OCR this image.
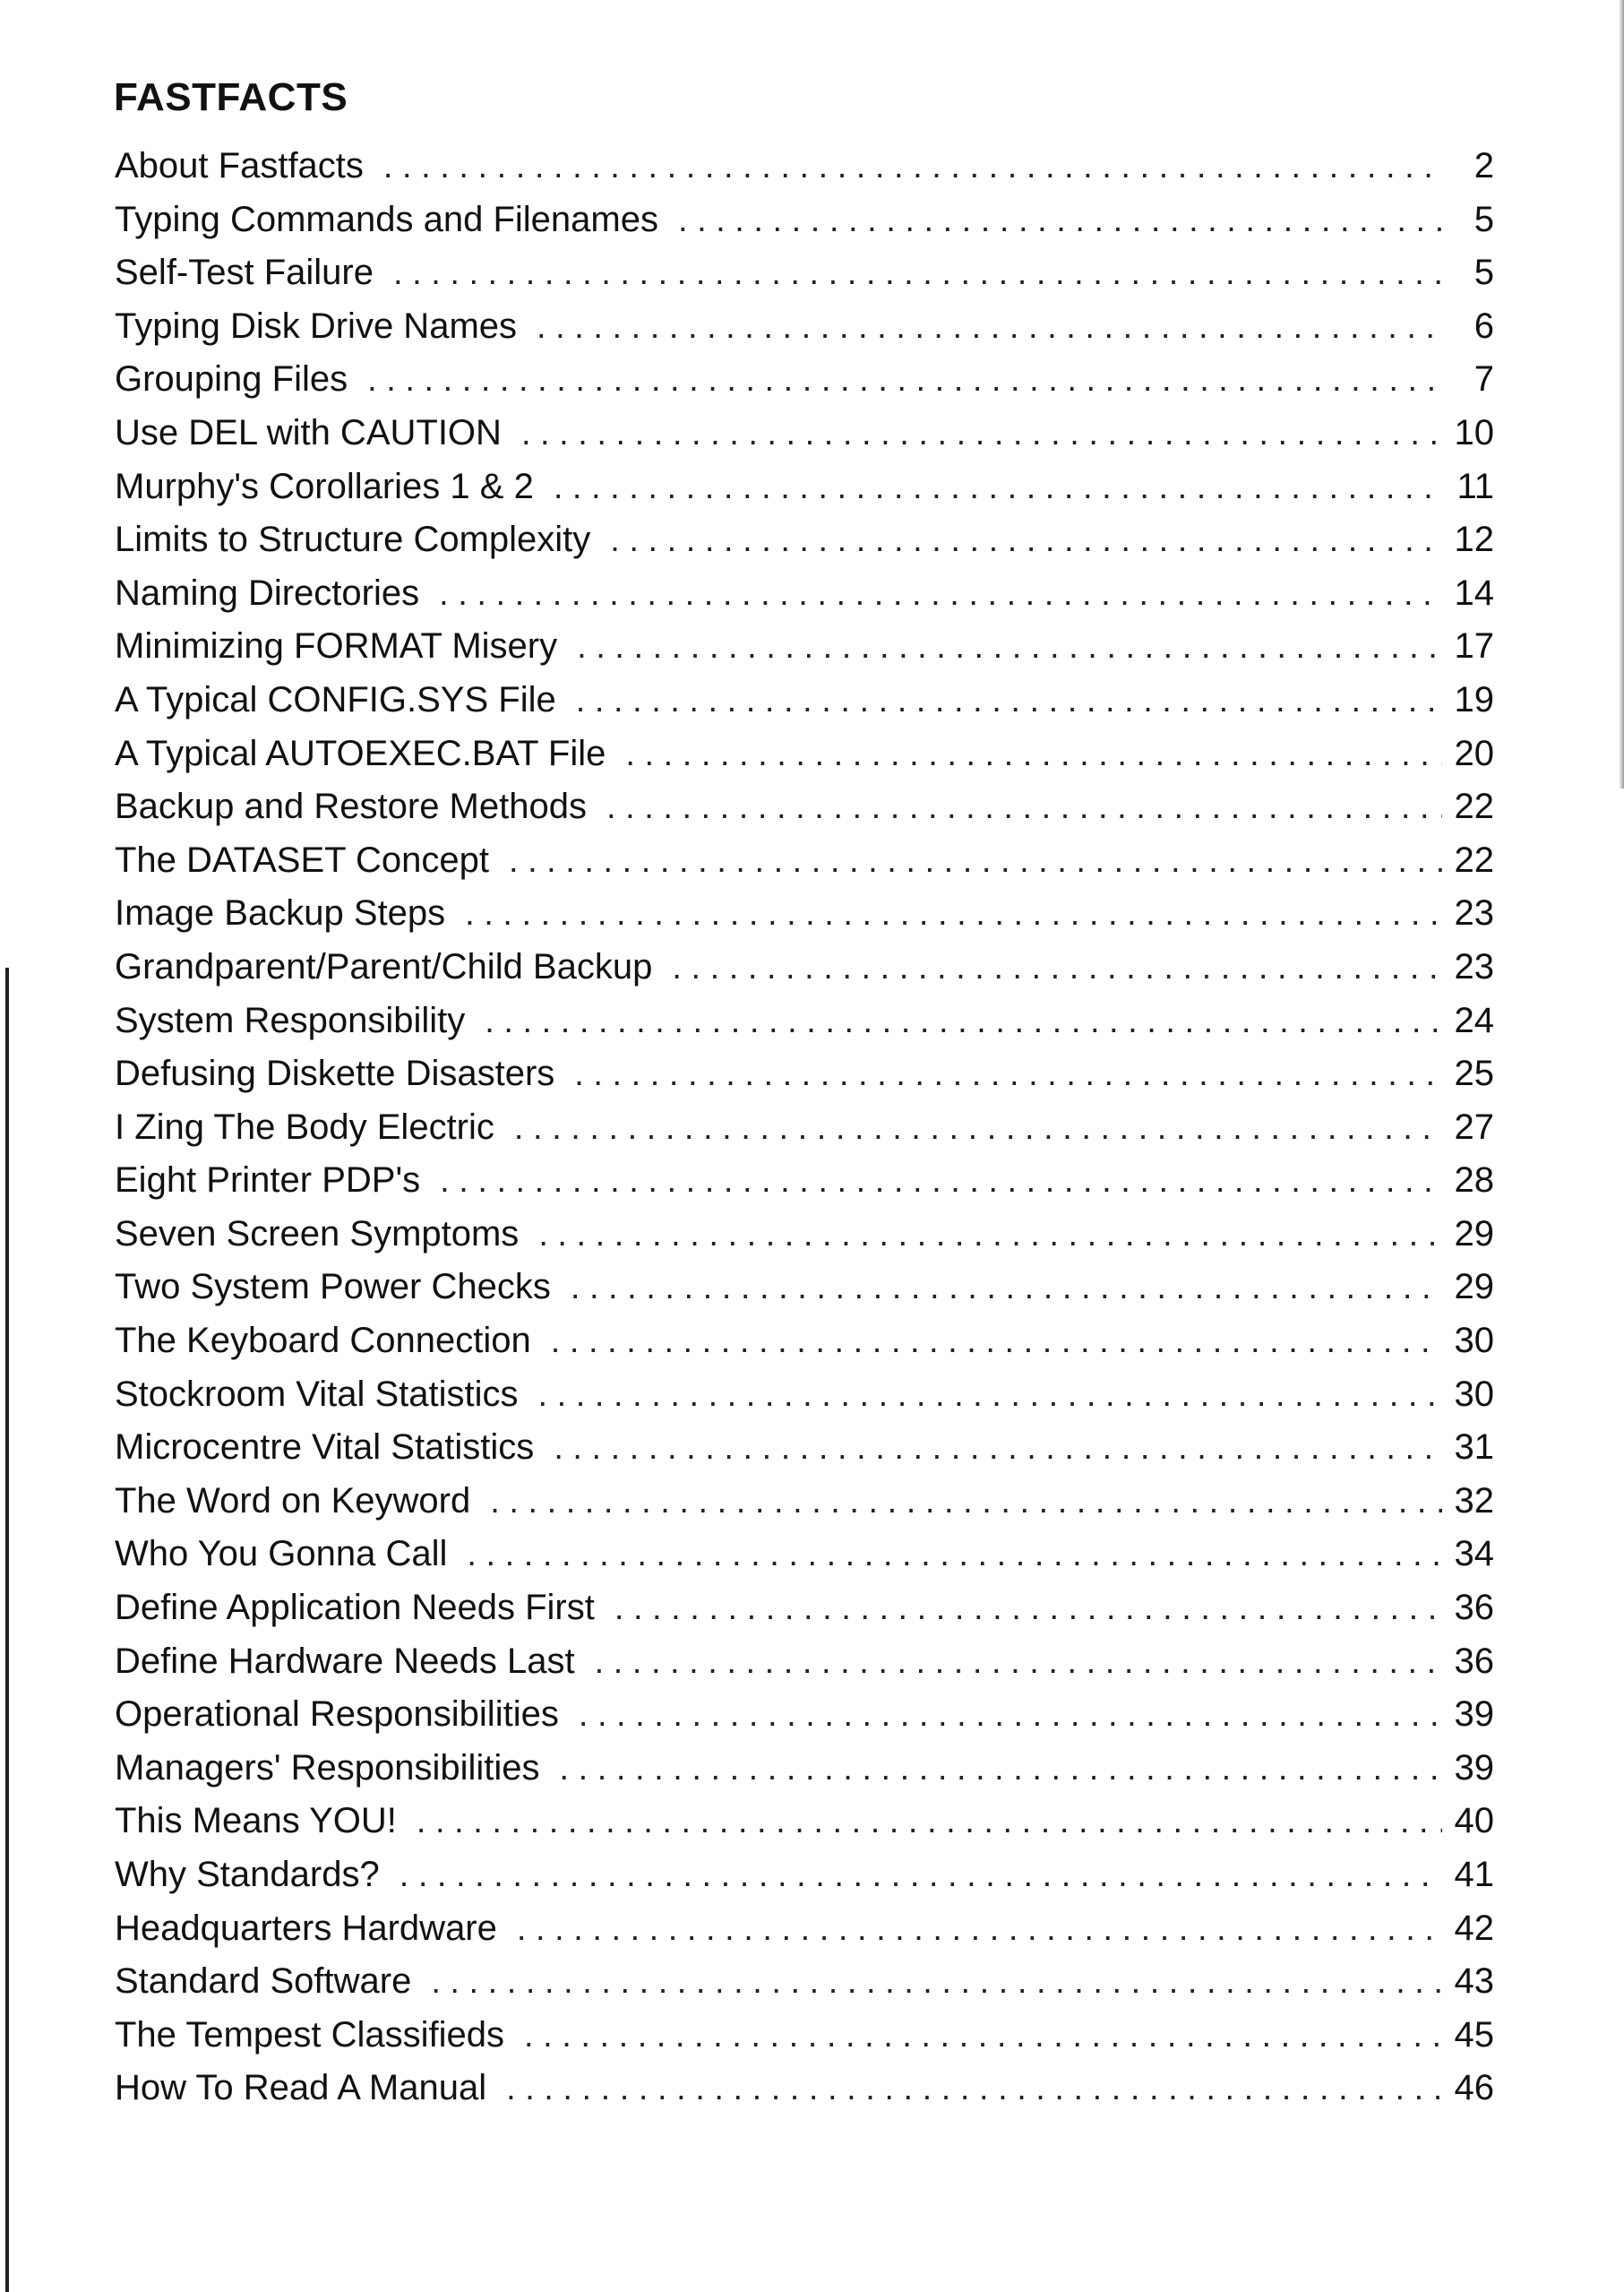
FASTFACTS
About Fastfacts . . .	2
Typing Commands and Filenames . . .	5
Self-Test Failure . . .	5
Typing Disk Drive Names . . .	6
Grouping Files . . .	7
Use DEL with CAUTION . . .	10
Murphy's Corollaries 1 & 2 . . .	11
Limits to Structure Complexity . . .	12
Naming Directories . . .	14
Minimizing FORMAT Misery . . .	17
A Typical CONFIG.SYS File . . .	19
A Typical AUTOEXEC.BAT File . . .	20
Backup and Restore Methods . . .	22
The DATASET Concept . . .	22
Image Backup Steps . . .	23
Grandparent/Parent/Child Backup . . .	23
System Responsibility . . .	24
Defusing Diskette Disasters . . .	25
I Zing The Body Electric . . .	27
Eight Printer PDP's . . .	28
Seven Screen Symptoms . . .	29
Two System Power Checks . . .	29
The Keyboard Connection . . .	30
Stockroom Vital Statistics . . .	30
Microcentre Vital Statistics . . .	31
The Word on Keyword . . .	32
Who You Gonna Call . . .	34
Define Application Needs First . . .	36
Define Hardware Needs Last . . .	36
Operational Responsibilities . . .	39
Managers' Responsibilities . . .	39
This Means YOU! . . .	40
Why Standards? . . .	41
Headquarters Hardware . . .	42
Standard Software . . .	43
The Tempest Classifieds . . .	45
How To Read A Manual . . .	46
